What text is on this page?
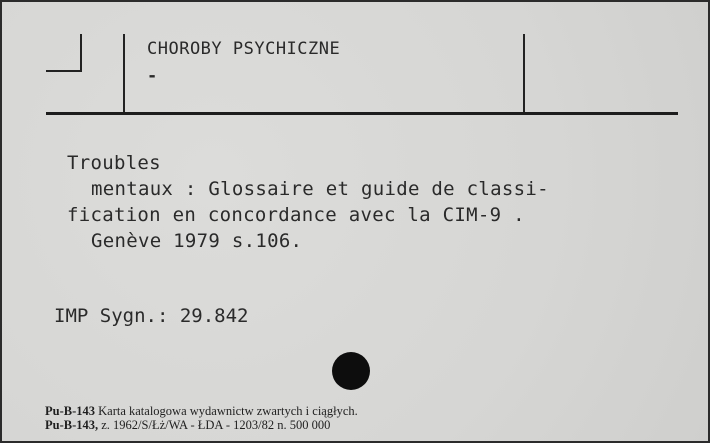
CHOROBY PSYCHICZNE
-
Troubles
mentaux : Glossaire et guide de classi-
fication en concordance avec la CIM-9 .
Genève 1979 s.106.
IMP Sygn.: 29.842
Pu-B-143 Karta katalogowa wydawnictw zwartych i ciągłych.
Pu-B-143, z. 1962/S/Łż/WA - ŁDA - 1203/82 n. 500 000
